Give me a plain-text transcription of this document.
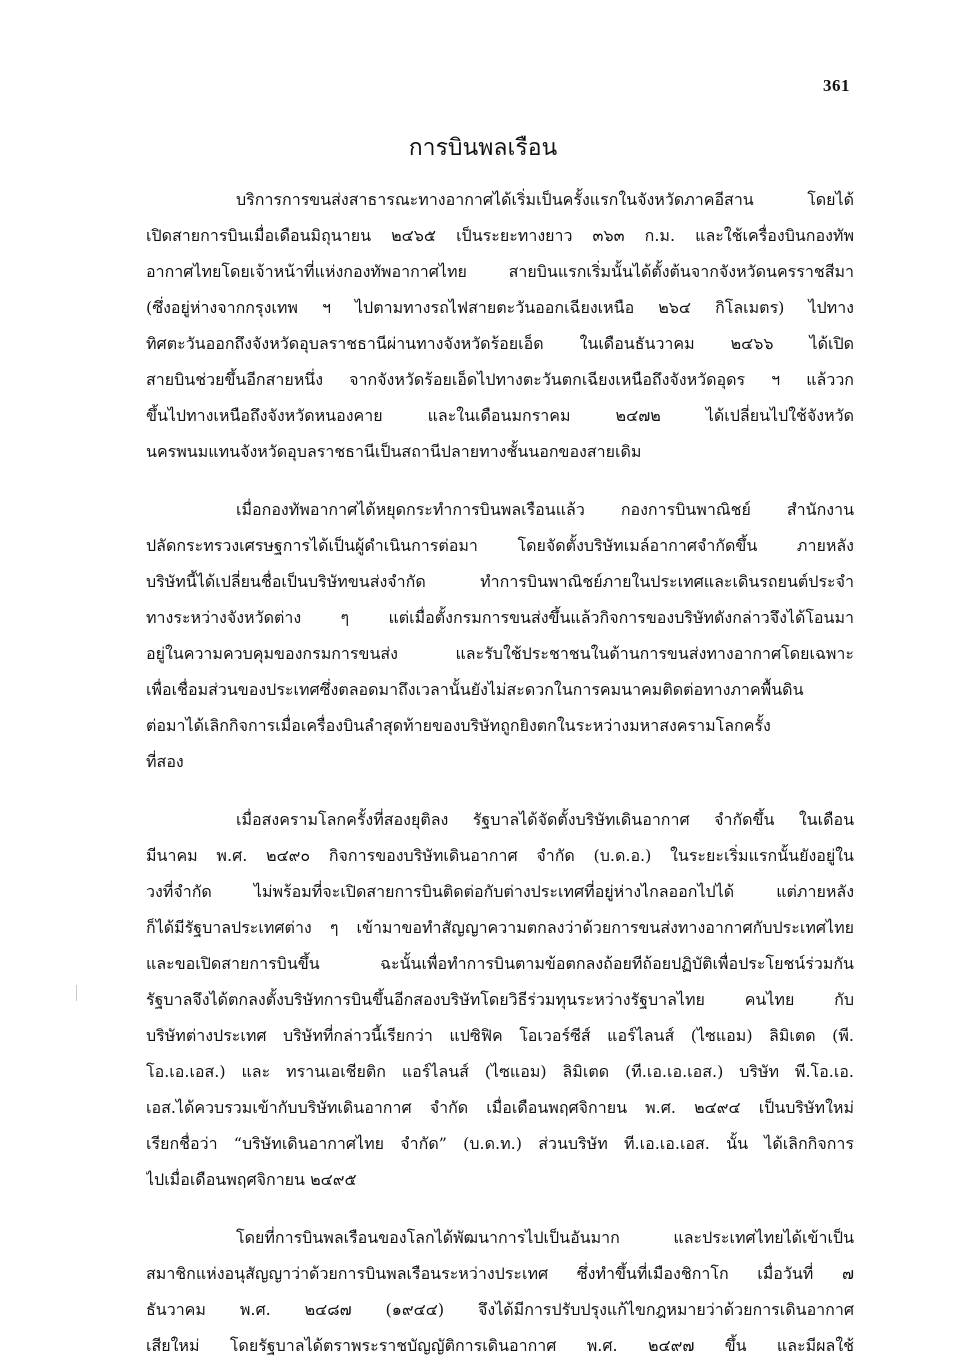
361
การบินพลเรือน
บริการการขนส่งสาธารณะทางอากาศได้เริ่มเป็นครั้งแรกในจังหวัดภาคอีสาน โดยได้
เปิดสายการบินเมื่อเดือนมิถุนายน ๒๔๖๕ เป็นระยะทางยาว ๓๖๓ ก.ม. และใช้เครื่องบินกองทัพ
อากาศไทยโดยเจ้าหน้าที่แห่งกองทัพอากาศไทย สายบินแรกเริ่มนั้นได้ตั้งต้นจากจังหวัดนครราชสีมา
(ซึ่งอยู่ห่างจากกรุงเทพ ฯ ไปตามทางรถไฟสายตะวันออกเฉียงเหนือ ๒๖๔ กิโลเมตร) ไปทาง
ทิศตะวันออกถึงจังหวัดอุบลราชธานีผ่านทางจังหวัดร้อยเอ็ด ในเดือนธันวาคม ๒๔๖๖ ได้เปิด
สายบินช่วยขึ้นอีกสายหนึ่ง จากจังหวัดร้อยเอ็ดไปทางตะวันตกเฉียงเหนือถึงจังหวัดอุดร ฯ แล้ววก
ขึ้นไปทางเหนือถึงจังหวัดหนองคาย และในเดือนมกราคม ๒๔๗๒ ได้เปลี่ยนไปใช้จังหวัด
นครพนมแทนจังหวัดอุบลราชธานีเป็นสถานีปลายทางชั้นนอกของสายเดิม
เมื่อกองทัพอากาศได้หยุดกระทำการบินพลเรือนแล้ว กองการบินพาณิชย์ สำนักงาน
ปลัดกระทรวงเศรษฐการได้เป็นผู้ดำเนินการต่อมา โดยจัดตั้งบริษัทเมล์อากาศจำกัดขึ้น ภายหลัง
บริษัทนี้ได้เปลี่ยนชื่อเป็นบริษัทขนส่งจำกัด ทำการบินพาณิชย์ภายในประเทศและเดินรถยนต์ประจำ
ทางระหว่างจังหวัดต่าง ๆ แต่เมื่อตั้งกรมการขนส่งขึ้นแล้วกิจการของบริษัทดังกล่าวจึงได้โอนมา
อยู่ในความควบคุมของกรมการขนส่ง และรับใช้ประชาชนในด้านการขนส่งทางอากาศโดยเฉพาะ
เพื่อเชื่อมส่วนของประเทศซึ่งตลอดมาถึงเวลานั้นยังไม่สะดวกในการคมนาคมติดต่อทางภาคพื้นดิน
ต่อมาได้เลิกกิจการเมื่อเครื่องบินลำสุดท้ายของบริษัทถูกยิงตกในระหว่างมหาสงครามโลกครั้ง
ที่สอง
เมื่อสงครามโลกครั้งที่สองยุติลง รัฐบาลได้จัดตั้งบริษัทเดินอากาศ จำกัดขึ้น ในเดือน
มีนาคม พ.ศ. ๒๔๙๐ กิจการของบริษัทเดินอากาศ จำกัด (บ.ด.อ.) ในระยะเริ่มแรกนั้นยังอยู่ใน
วงที่จำกัด ไม่พร้อมที่จะเปิดสายการบินติดต่อกับต่างประเทศที่อยู่ห่างไกลออกไปได้ แต่ภายหลัง
ก็ได้มีรัฐบาลประเทศต่าง ๆ เข้ามาขอทำสัญญาความตกลงว่าด้วยการขนส่งทางอากาศกับประเทศไทย
และขอเปิดสายการบินขึ้น ฉะนั้นเพื่อทำการบินตามข้อตกลงถ้อยทีถ้อยปฏิบัติเพื่อประโยชน์ร่วมกัน
รัฐบาลจึงได้ตกลงตั้งบริษัทการบินขึ้นอีกสองบริษัทโดยวิธีร่วมทุนระหว่างรัฐบาลไทย คนไทย กับ
บริษัทต่างประเทศ บริษัทที่กล่าวนี้เรียกว่า แปซิฟิค โอเวอร์ซีส์ แอร์ไลนส์ (ไซแอม) ลิมิเตด (พี.
โอ.เอ.เอส.) และ ทรานเอเชียติก แอร์ไลนส์ (ไซแอม) ลิมิเตด (ที.เอ.เอ.เอส.) บริษัท พี.โอ.เอ.
เอส.ได้ควบรวมเข้ากับบริษัทเดินอากาศ จำกัด เมื่อเดือนพฤศจิกายน พ.ศ. ๒๔๙๔ เป็นบริษัทใหม่
เรียกชื่อว่า “บริษัทเดินอากาศไทย จำกัด” (บ.ด.ท.) ส่วนบริษัท ที.เอ.เอ.เอส. นั้น ได้เลิกกิจการ
ไปเมื่อเดือนพฤศจิกายน ๒๔๙๕
โดยที่การบินพลเรือนของโลกได้พัฒนาการไปเป็นอันมาก และประเทศไทยได้เข้าเป็น
สมาชิกแห่งอนุสัญญาว่าด้วยการบินพลเรือนระหว่างประเทศ ซึ่งทำขึ้นที่เมืองชิกาโก เมื่อวันที่ ๗
ธันวาคม พ.ศ. ๒๔๘๗ (๑๙๔๔) จึงได้มีการปรับปรุงแก้ไขกฎหมายว่าด้วยการเดินอากาศ
เสียใหม่ โดยรัฐบาลได้ตราพระราชบัญญัติการเดินอากาศ พ.ศ. ๒๔๙๗ ขึ้น และมีผลใช้
